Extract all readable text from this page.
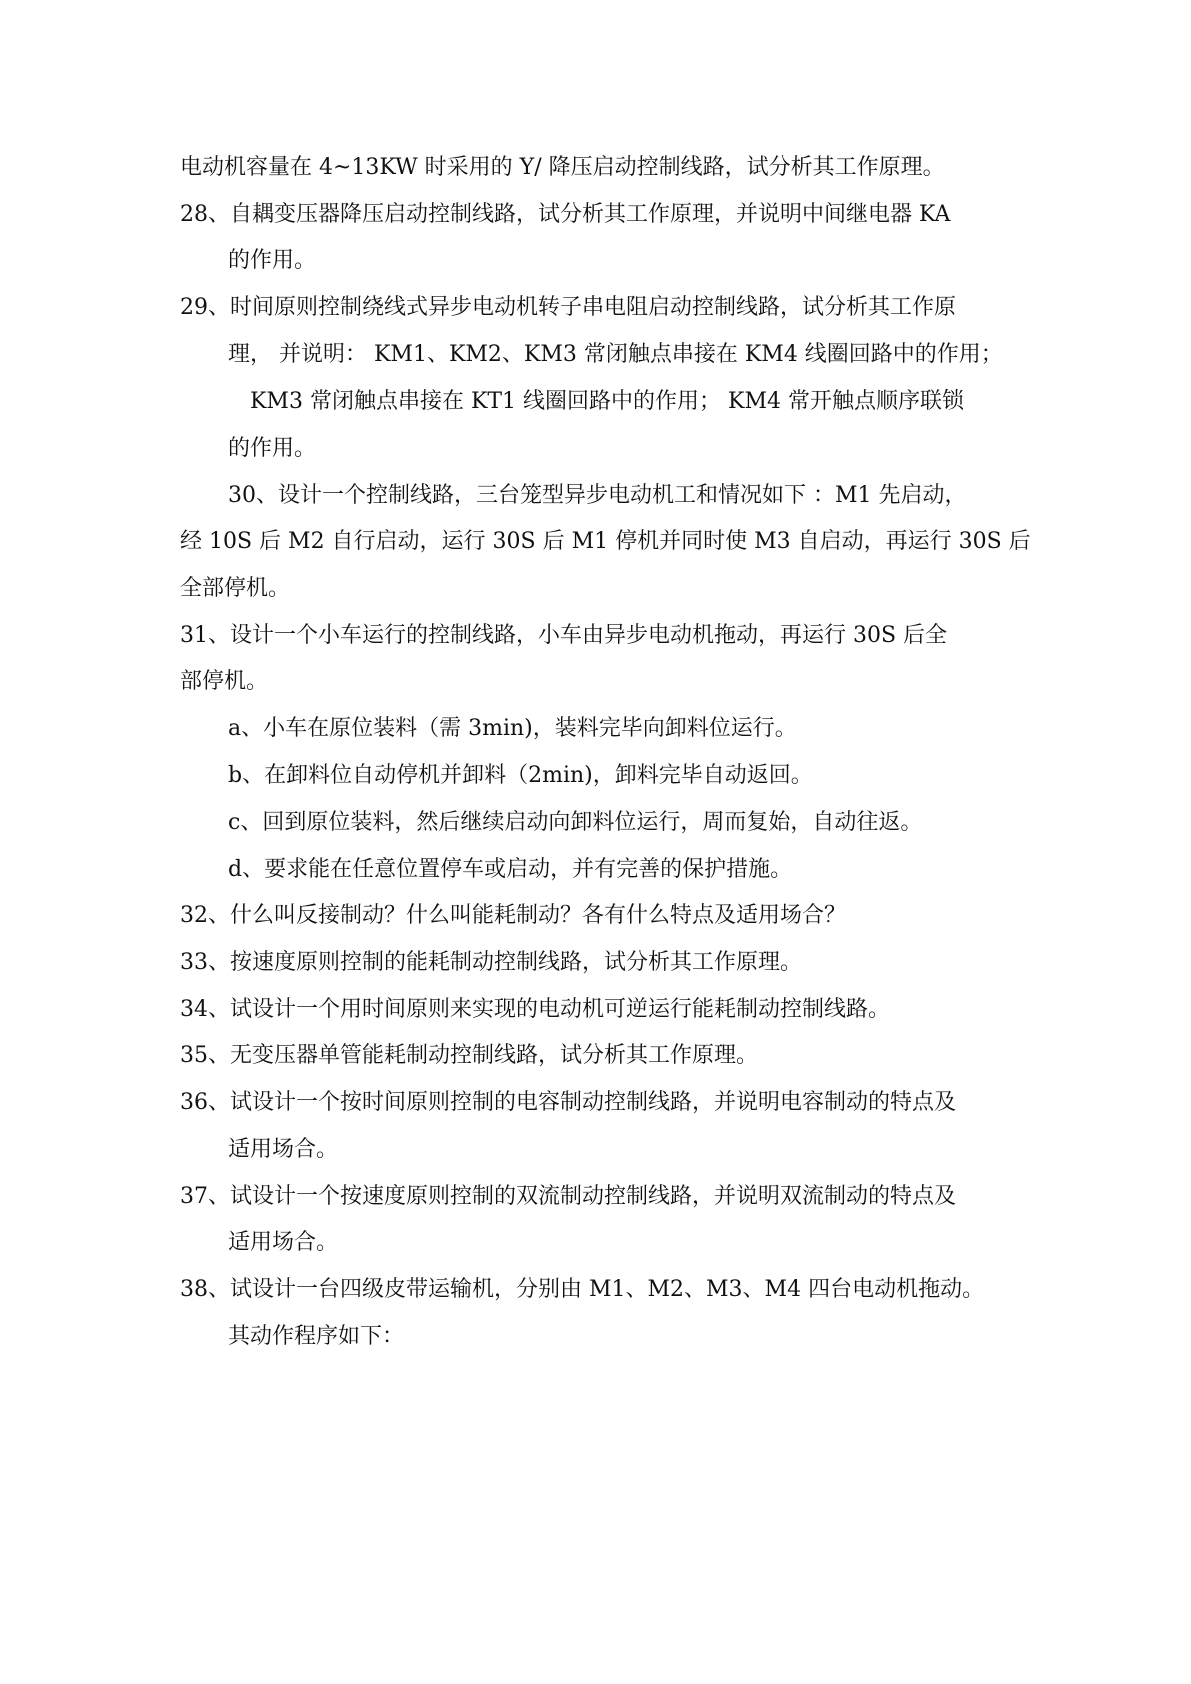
电动机容量在 4~13KW 时采用的 Y/ 降压启动控制线路，试分析其工作原理。
28、自耦变压器降压启动控制线路，试分析其工作原理，并说明中间继电器 KA
的作用。
29、时间原则控制绕线式异步电动机转子串电阻启动控制线路，试分析其工作原
理， 并说明： KM1、KM2、KM3 常闭触点串接在 KM4 线圈回路中的作用；
KM3 常闭触点串接在 KT1 线圈回路中的作用； KM4 常开触点顺序联锁
的作用。
30、设计一个控制线路，三台笼型异步电动机工和情况如下 ：M1 先启动，
经 10S 后 M2 自行启动，运行 30S 后 M1 停机并同时使 M3 自启动，再运行 30S 后
全部停机。
31、设计一个小车运行的控制线路，小车由异步电动机拖动，再运行 30S 后全
部停机。
a、小车在原位装料（需 3min)，装料完毕向卸料位运行。
b、在卸料位自动停机并卸料（2min)，卸料完毕自动返回。
c、回到原位装料，然后继续启动向卸料位运行，周而复始，自动往返。
d、要求能在任意位置停车或启动，并有完善的保护措施。
32、什么叫反接制动？什么叫能耗制动？各有什么特点及适用场合？
33、按速度原则控制的能耗制动控制线路，试分析其工作原理。
34、试设计一个用时间原则来实现的电动机可逆运行能耗制动控制线路。
35、无变压器单管能耗制动控制线路，试分析其工作原理。
36、试设计一个按时间原则控制的电容制动控制线路，并说明电容制动的特点及
适用场合。
37、试设计一个按速度原则控制的双流制动控制线路，并说明双流制动的特点及
适用场合。
38、试设计一台四级皮带运输机，分别由 M1、M2、M3、M4 四台电动机拖动。
其动作程序如下：
